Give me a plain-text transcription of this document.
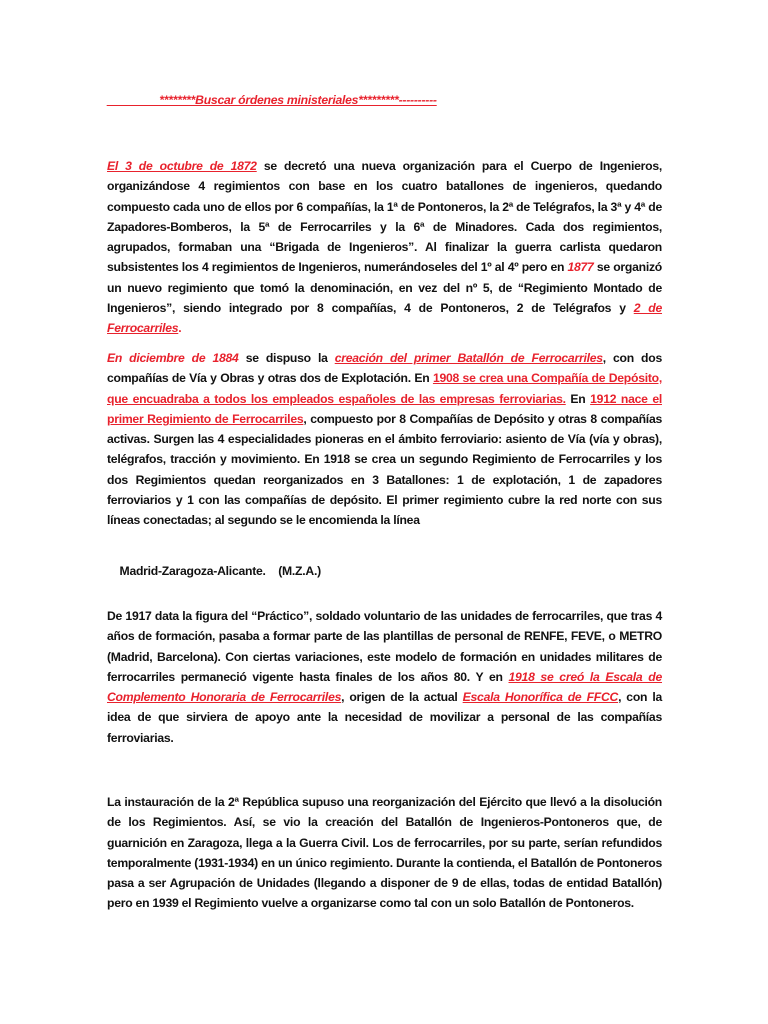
________********Buscar órdenes ministeriales*********----------

El 3 de octubre de 1872 se decretó una nueva organización para el Cuerpo de Ingenieros, organizándose 4 regimientos con base en los cuatro batallones de ingenieros, quedando compuesto cada uno de ellos por 6 compañías, la 1ª de Pontoneros, la 2ª de Telégrafos, la 3ª y 4ª de Zapadores-Bomberos, la 5ª de Ferrocarriles y la 6ª de Minadores. Cada dos regimientos, agrupados, formaban una “Brigada de Ingenieros”. Al finalizar la guerra carlista quedaron subsistentes los 4 regimientos de Ingenieros, numerándoseles del 1º al 4º pero en 1877 se organizó un nuevo regimiento que tomó la denominación, en vez del nº 5, de “Regimiento Montado de Ingenieros”, siendo integrado por 8 compañías, 4 de Pontoneros, 2 de Telégrafos y 2 de Ferrocarriles.

En diciembre de 1884 se dispuso la creación del primer Batallón de Ferrocarriles, con dos compañías de Vía y Obras y otras dos de Explotación. En 1908 se crea una Compañía de Depósito, que encuadraba a todos los empleados españoles de las empresas ferroviarias. En 1912 nace el primer Regimiento de Ferrocarriles, compuesto por 8 Compañías de Depósito y otras 8 compañías activas. Surgen las 4 especialidades pioneras en el ámbito ferroviario: asiento de Vía (vía y obras), telégrafos, tracción y movimiento. En 1918 se crea un segundo Regimiento de Ferrocarriles y los dos Regimientos quedan reorganizados en 3 Batallones: 1 de explotación, 1 de zapadores ferroviarios y 1 con las compañías de depósito. El primer regimiento cubre la red norte con sus líneas conectadas; al segundo se le encomienda la línea

Madrid-Zaragoza-Alicante.    (M.Z.A.)

De 1917 data la figura del “Práctico”, soldado voluntario de las unidades de ferrocarriles, que tras 4 años de formación, pasaba a formar parte de las plantillas de personal de RENFE, FEVE, o METRO (Madrid, Barcelona). Con ciertas variaciones, este modelo de formación en unidades militares de ferrocarriles permaneció vigente hasta finales de los años 80. Y en 1918 se creó la Escala de Complemento Honoraria de Ferrocarriles, origen de la actual Escala Honorífica de FFCC, con la idea de que sirviera de apoyo ante la necesidad de movilizar a personal de las compañías ferroviarias.

La instauración de la 2ª República supuso una reorganización del Ejército que llevó a la disolución de los Regimientos. Así, se vio la creación del Batallón de Ingenieros-Pontoneros que, de guarnición en Zaragoza, llega a la Guerra Civil. Los de ferrocarriles, por su parte, serían refundidos temporalmente (1931-1934) en un único regimiento. Durante la contienda, el Batallón de Pontoneros pasa a ser Agrupación de Unidades (llegando a disponer de 9 de ellas, todas de entidad Batallón) pero en 1939 el Regimiento vuelve a organizarse como tal con un solo Batallón de Pontoneros.
